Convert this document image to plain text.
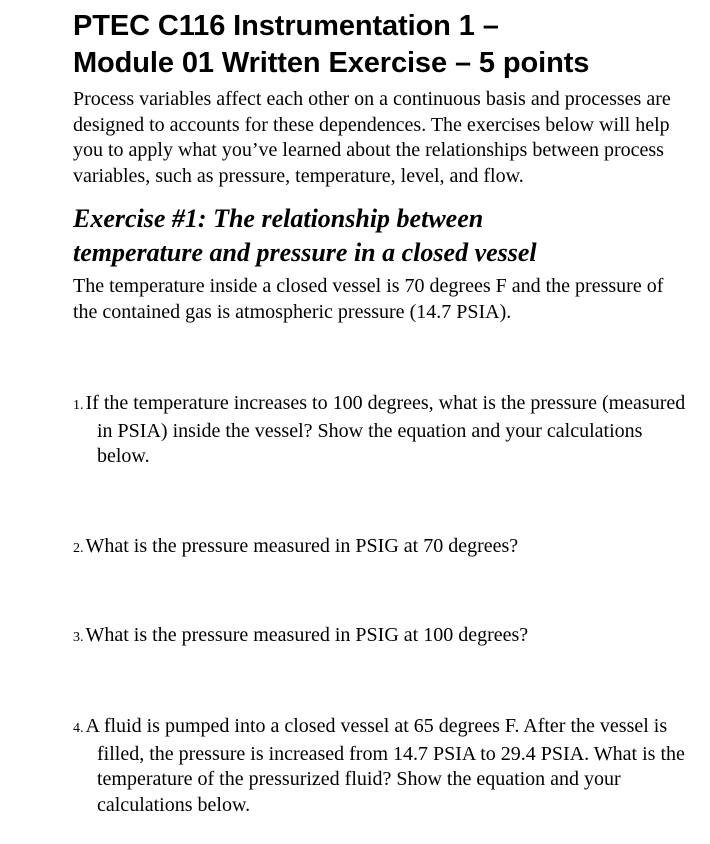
PTEC C116 Instrumentation 1 –
Module 01 Written Exercise – 5 points

Process variables affect each other on a continuous basis and processes are designed to accounts for these dependences. The exercises below will help you to apply what you’ve learned about the relationships between process variables, such as pressure, temperature, level, and flow.

Exercise #1: The relationship between
temperature and pressure in a closed vessel

The temperature inside a closed vessel is 70 degrees F and the pressure of the contained gas is atmospheric pressure (14.7 PSIA).

1. If the temperature increases to 100 degrees, what is the pressure (measured in PSIA) inside the vessel? Show the equation and your calculations below.

2. What is the pressure measured in PSIG at 70 degrees?

3. What is the pressure measured in PSIG at 100 degrees?

4. A fluid is pumped into a closed vessel at 65 degrees F. After the vessel is filled, the pressure is increased from 14.7 PSIA to 29.4 PSIA. What is the temperature of the pressurized fluid? Show the equation and your calculations below.
